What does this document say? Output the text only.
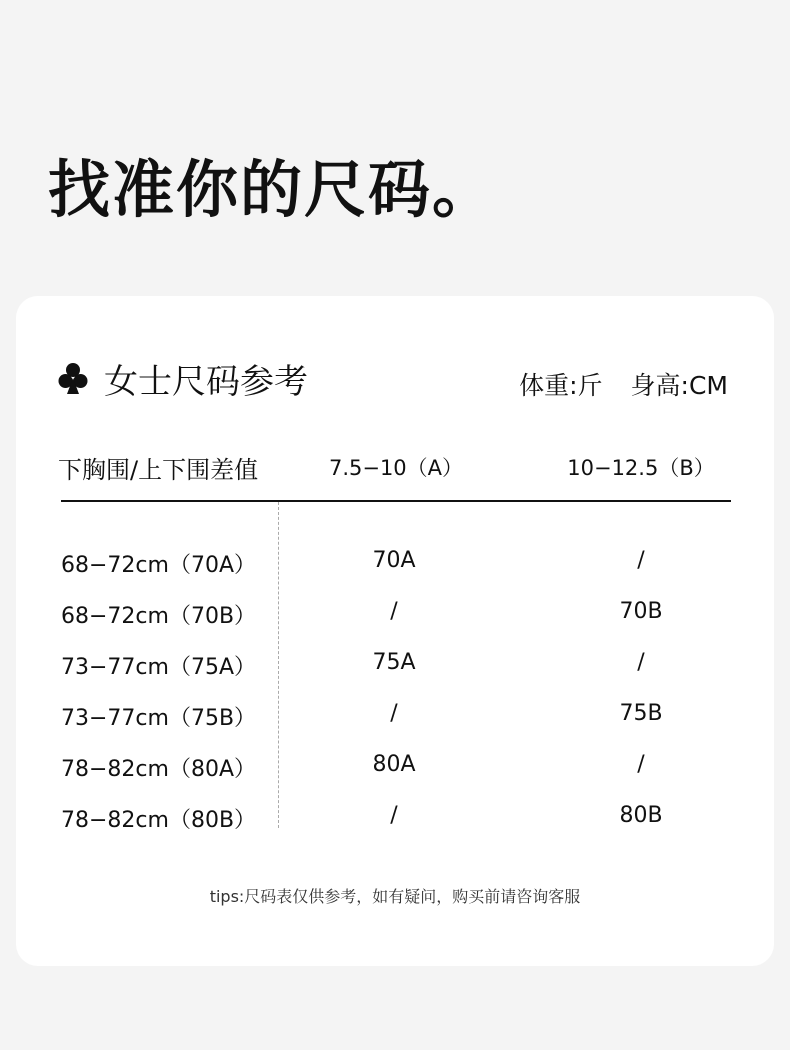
找准你的尺码。
女士尺码参考	体重:斤 身高:CM
下胸围/上下围差值	7.5−10（A）	10−12.5（B）
68−72cm（70A）	70A	/
68−72cm（70B）	/	70B
73−77cm（75A）	75A	/
73−77cm（75B）	/	75B
78−82cm（80A）	80A	/
78−82cm（80B）	/	80B
tips:尺码表仅供参考，如有疑问，购买前请咨询客服
